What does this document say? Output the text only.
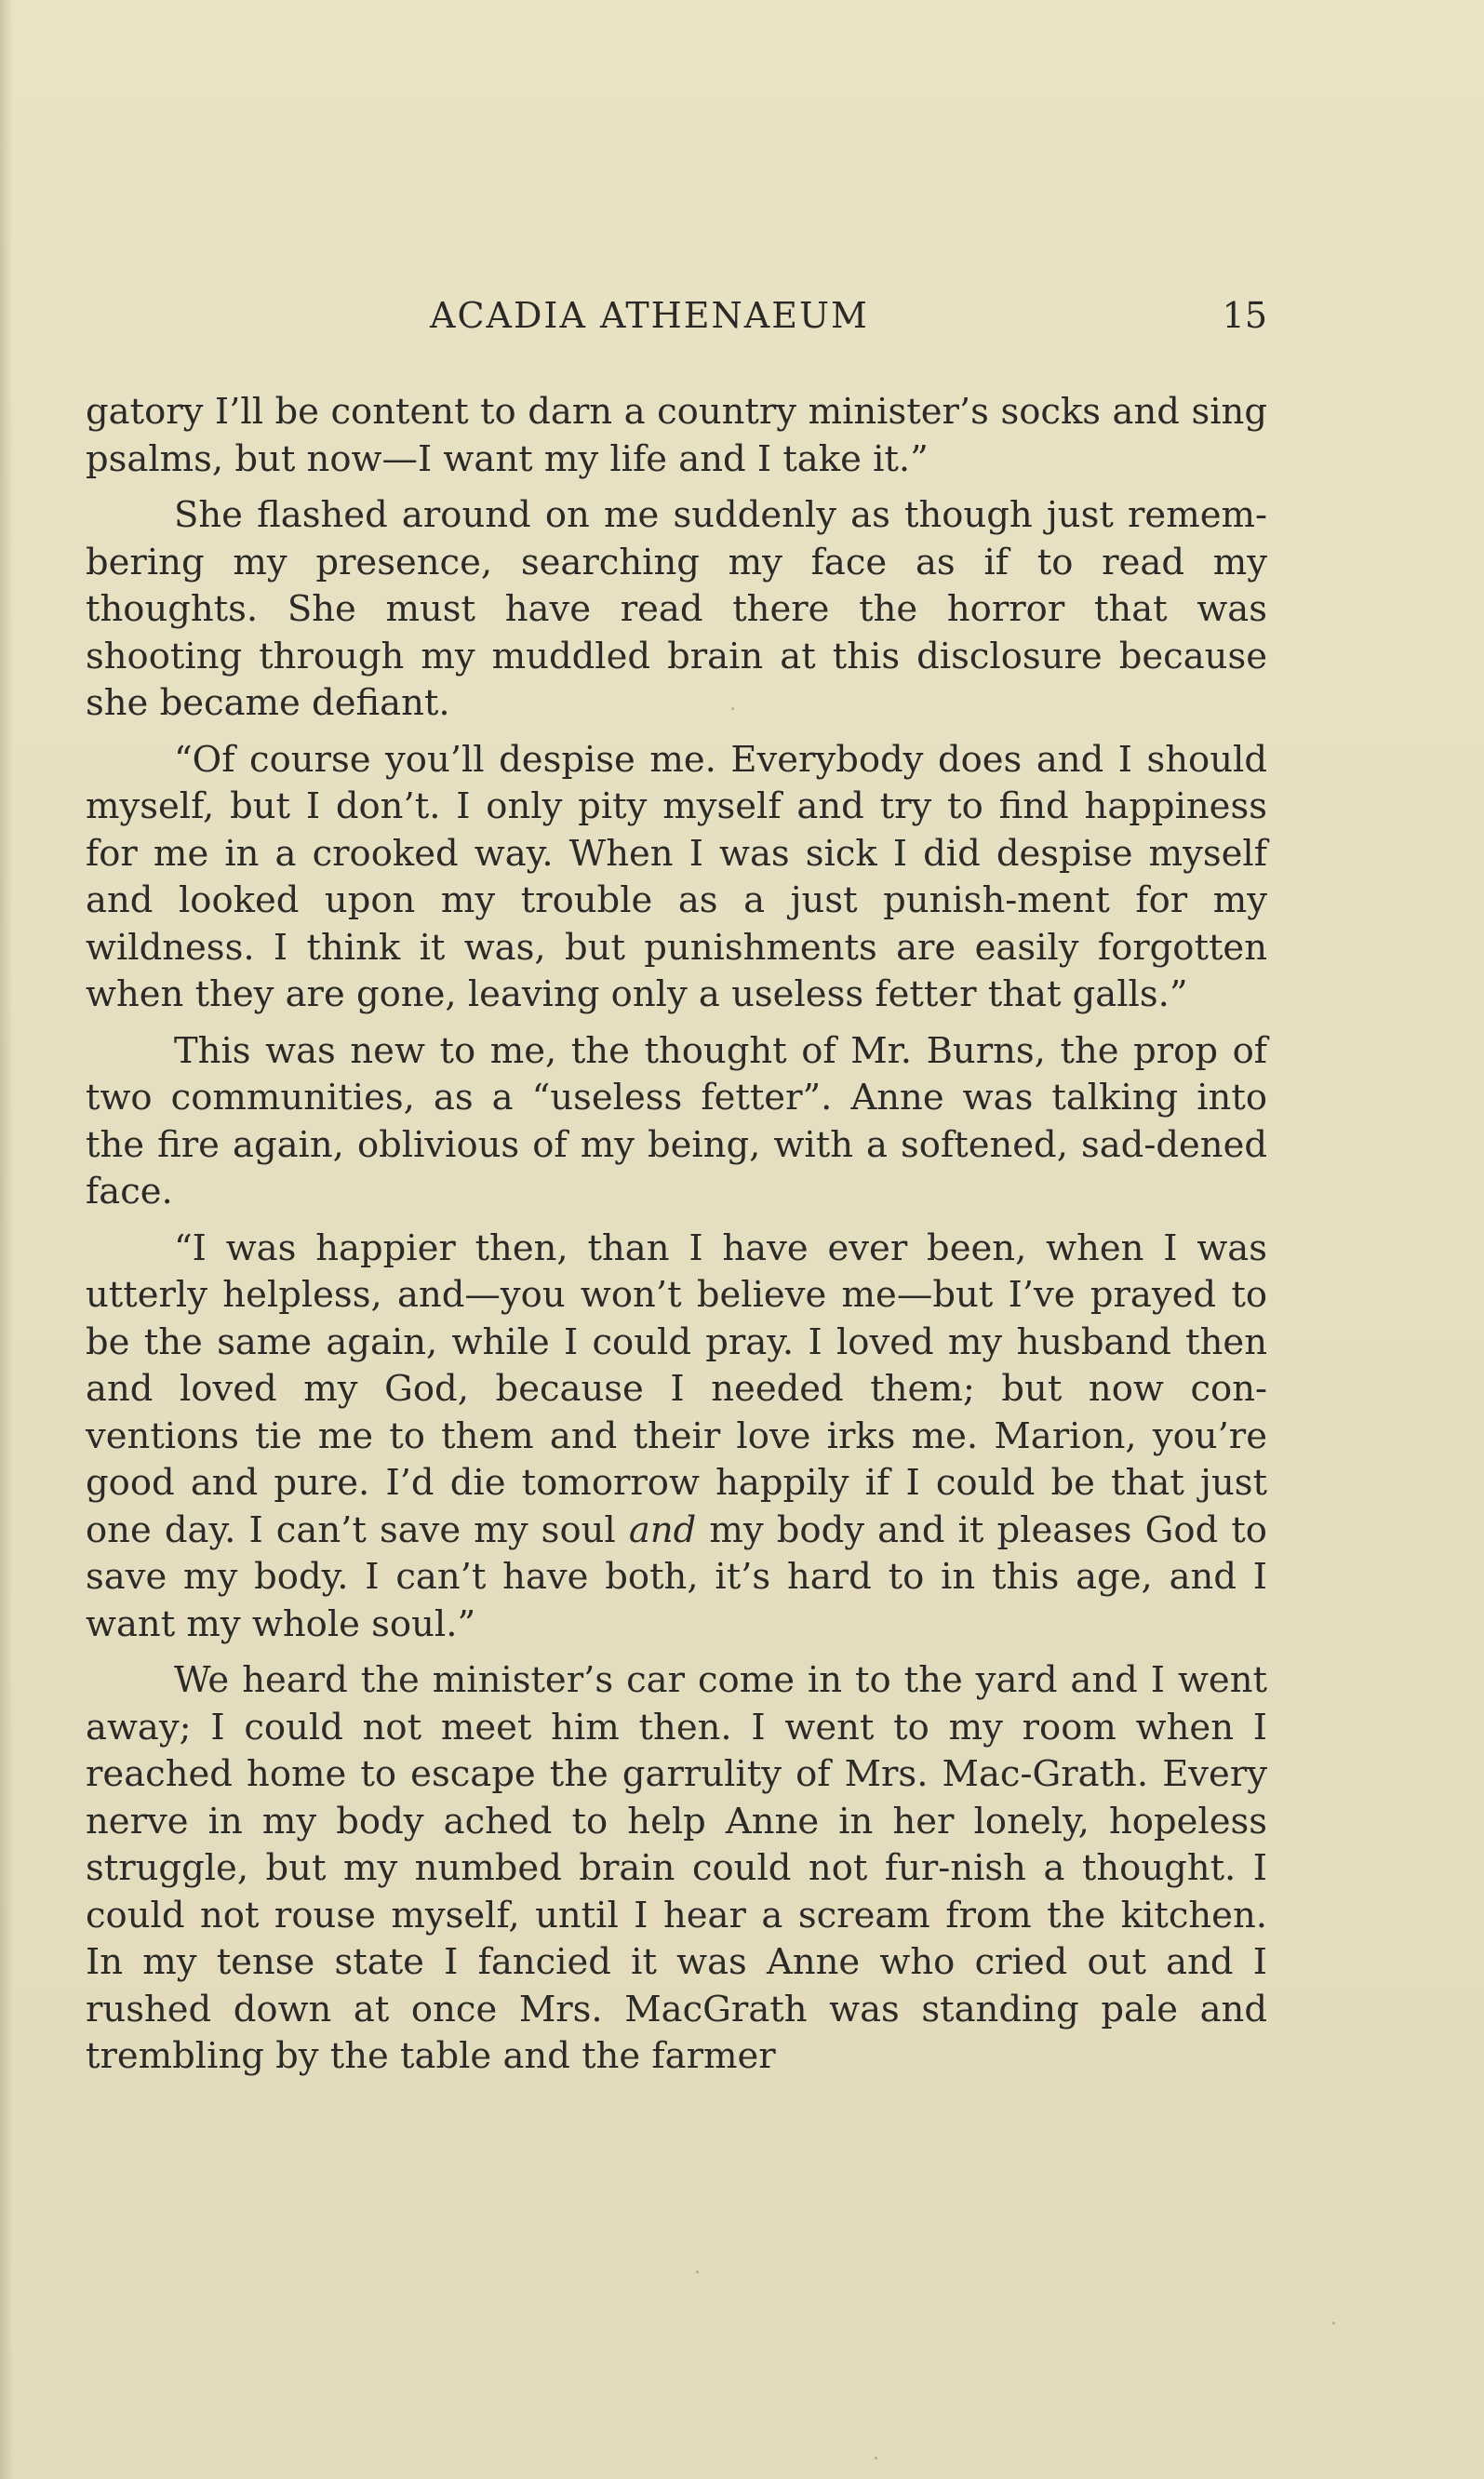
ACADIA ATHENAEUM	15

gatory I’ll be content to darn a country minister’s socks and sing psalms, but now—I want my life and I take it.”

She flashed around on me suddenly as though just remem-bering my presence, searching my face as if to read my thoughts. She must have read there the horror that was shooting through my muddled brain at this disclosure because she became defiant.

“Of course you’ll despise me. Everybody does and I should myself, but I don’t. I only pity myself and try to find happiness for me in a crooked way. When I was sick I did despise myself and looked upon my trouble as a just punish-ment for my wildness. I think it was, but punishments are easily forgotten when they are gone, leaving only a useless fetter that galls.”

This was new to me, the thought of Mr. Burns, the prop of two communities, as a “useless fetter”. Anne was talking into the fire again, oblivious of my being, with a softened, sad-dened face.

“I was happier then, than I have ever been, when I was utterly helpless, and—you won’t believe me—but I’ve prayed to be the same again, while I could pray. I loved my husband then and loved my God, because I needed them; but now con-ventions tie me to them and their love irks me. Marion, you’re good and pure. I’d die tomorrow happily if I could be that just one day. I can’t save my soul and my body and it pleases God to save my body. I can’t have both, it’s hard to in this age, and I want my whole soul.”

We heard the minister’s car come in to the yard and I went away; I could not meet him then. I went to my room when I reached home to escape the garrulity of Mrs. Mac-Grath. Every nerve in my body ached to help Anne in her lonely, hopeless struggle, but my numbed brain could not fur-nish a thought. I could not rouse myself, until I hear a scream from the kitchen. In my tense state I fancied it was Anne who cried out and I rushed down at once Mrs. MacGrath was standing pale and trembling by the table and the farmer
